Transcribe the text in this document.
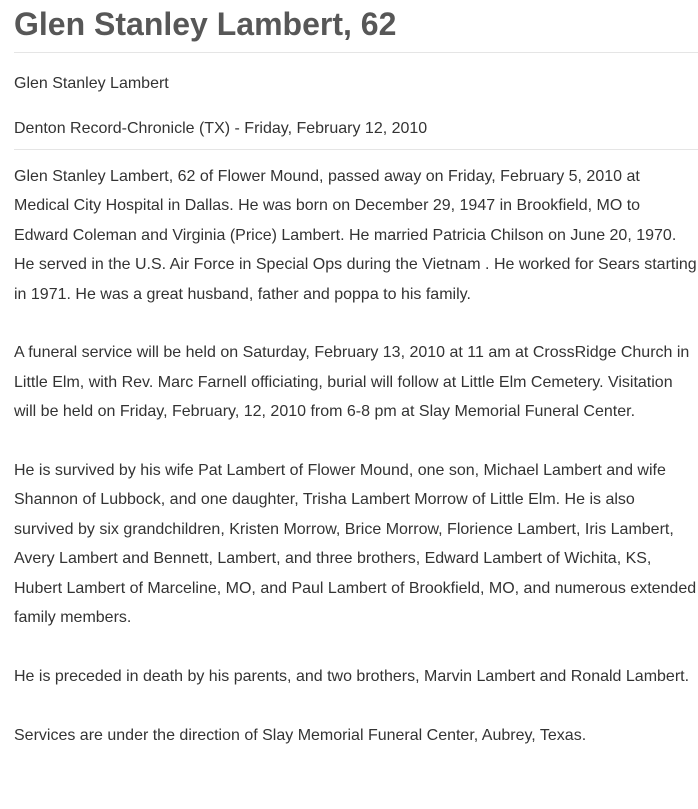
Glen Stanley Lambert, 62
Glen Stanley Lambert
Denton Record-Chronicle (TX) - Friday, February 12, 2010

Glen Stanley Lambert, 62 of Flower Mound, passed away on Friday, February 5, 2010 at Medical City Hospital in Dallas. He was born on December 29, 1947 in Brookfield, MO to Edward Coleman and Virginia (Price) Lambert. He married Patricia Chilson on June 20, 1970. He served in the U.S. Air Force in Special Ops during the Vietnam . He worked for Sears starting in 1971. He was a great husband, father and poppa to his family.

A funeral service will be held on Saturday, February 13, 2010 at 11 am at CrossRidge Church in Little Elm, with Rev. Marc Farnell officiating, burial will follow at Little Elm Cemetery. Visitation will be held on Friday, February, 12, 2010 from 6-8 pm at Slay Memorial Funeral Center.

He is survived by his wife Pat Lambert of Flower Mound, one son, Michael Lambert and wife Shannon of Lubbock, and one daughter, Trisha Lambert Morrow of Little Elm. He is also survived by six grandchildren, Kristen Morrow, Brice Morrow, Florience Lambert, Iris Lambert, Avery Lambert and Bennett, Lambert, and three brothers, Edward Lambert of Wichita, KS, Hubert Lambert of Marceline, MO, and Paul Lambert of Brookfield, MO, and numerous extended family members.

He is preceded in death by his parents, and two brothers, Marvin Lambert and Ronald Lambert.

Services are under the direction of Slay Memorial Funeral Center, Aubrey, Texas.
